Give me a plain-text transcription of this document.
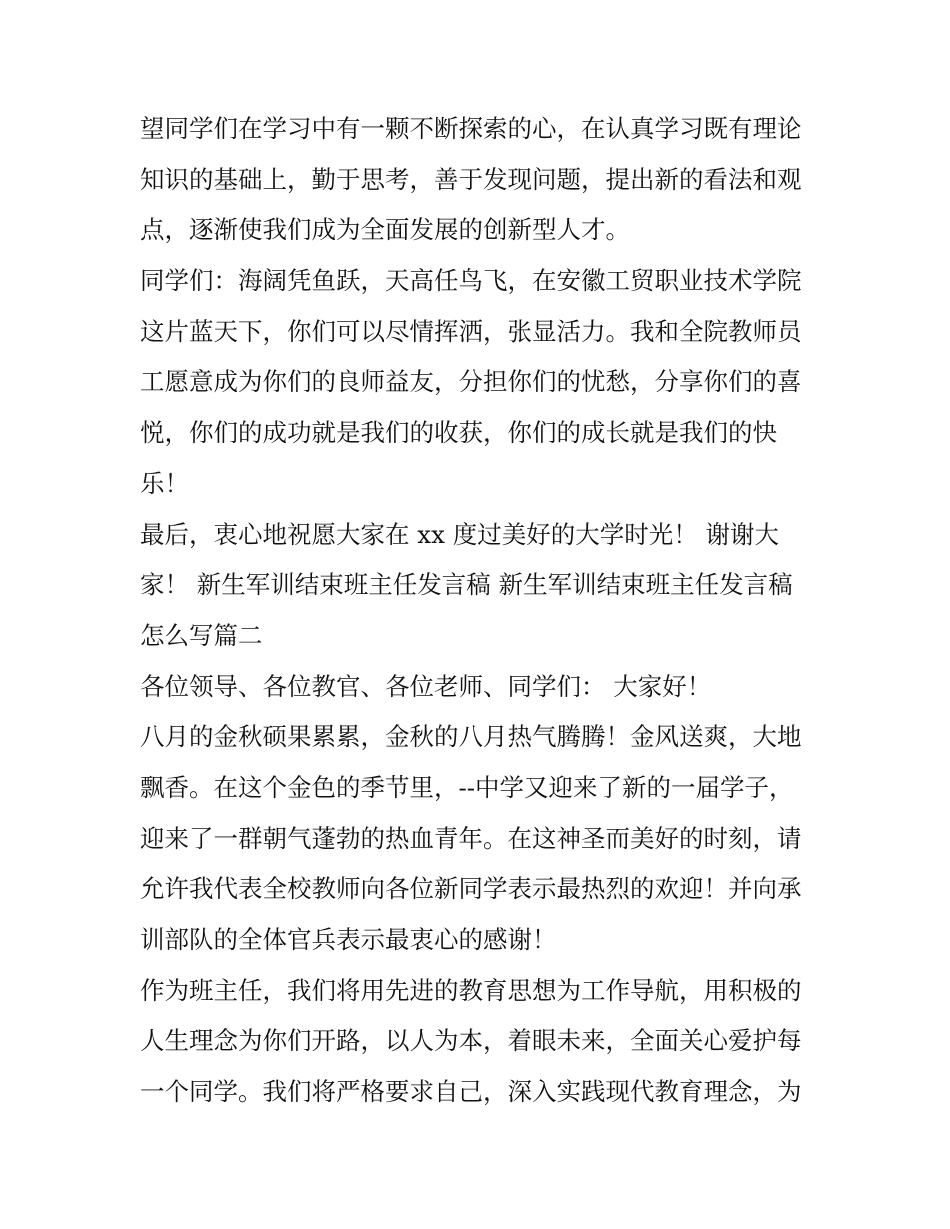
望同学们在学习中有一颗不断探索的心，在认真学习既有理论
知识的基础上，勤于思考，善于发现问题，提出新的看法和观
点，逐渐使我们成为全面发展的创新型人才。
同学们：海阔凭鱼跃，天高任鸟飞，在安徽工贸职业技术学院
这片蓝天下，你们可以尽情挥洒，张显活力。我和全院教师员
工愿意成为你们的良师益友，分担你们的忧愁，分享你们的喜
悦，你们的成功就是我们的收获，你们的成长就是我们的快
乐！
最后，衷心地祝愿大家在 xx 度过美好的大学时光！ 谢谢大
家！ 新生军训结束班主任发言稿 新生军训结束班主任发言稿
怎么写篇二
各位领导、各位教官、各位老师、同学们： 大家好！
八月的金秋硕果累累，金秋的八月热气腾腾！金风送爽，大地
飘香。在这个金色的季节里，--中学又迎来了新的一届学子，
迎来了一群朝气蓬勃的热血青年。在这神圣而美好的时刻，请
允许我代表全校教师向各位新同学表示最热烈的欢迎！并向承
训部队的全体官兵表示最衷心的感谢！
作为班主任，我们将用先进的教育思想为工作导航，用积极的
人生理念为你们开路，以人为本，着眼未来，全面关心爱护每
一个同学。我们将严格要求自己，深入实践现代教育理念，为
